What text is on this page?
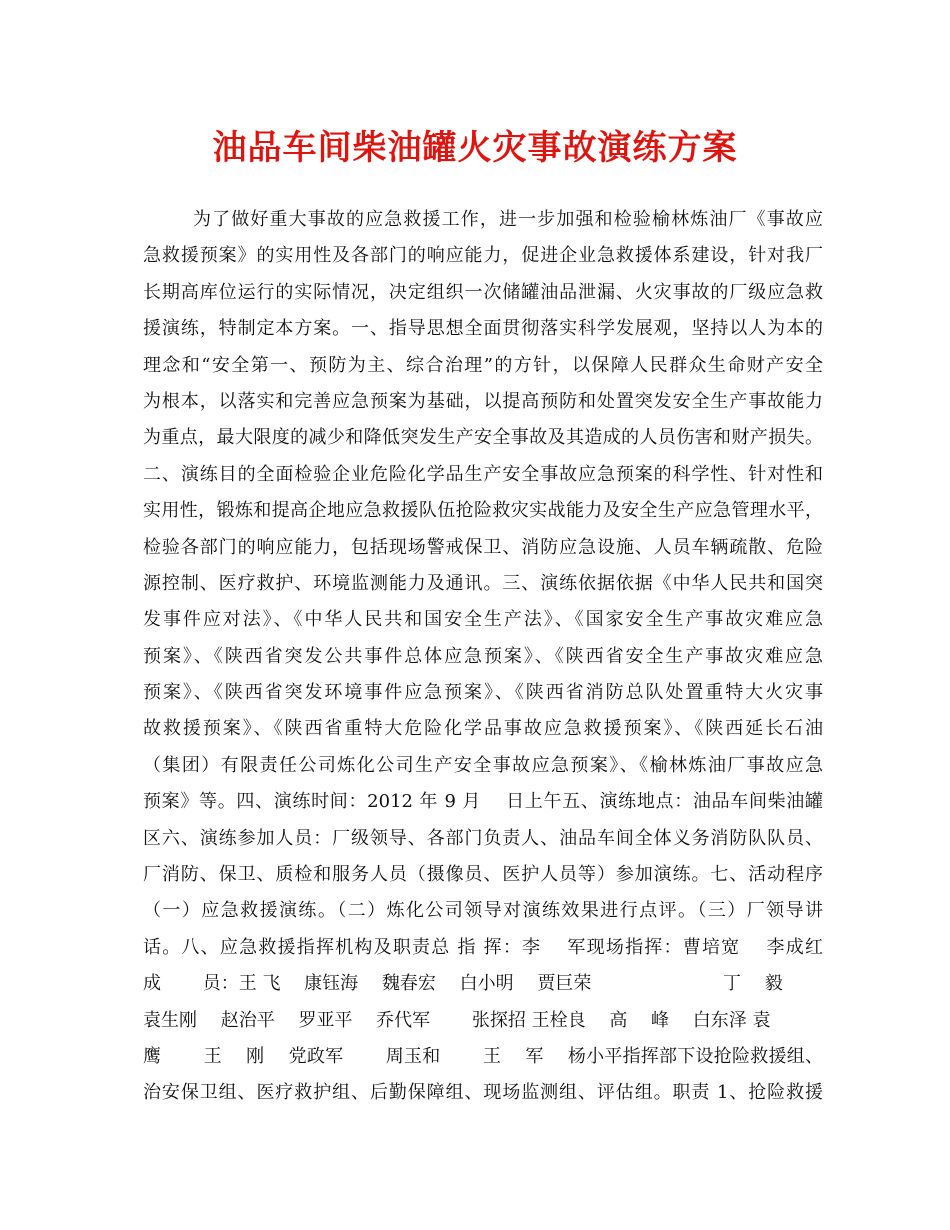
油品车间柴油罐火灾事故演练方案
为了做好重大事故的应急救援工作，进一步加强和检验榆林炼油厂《事故应
急救援预案》的实用性及各部门的响应能力，促进企业急救援体系建设，针对我厂
长期高库位运行的实际情况，决定组织一次储罐油品泄漏、火灾事故的厂级应急救
援演练，特制定本方案。一、指导思想全面贯彻落实科学发展观，坚持以人为本的
理念和“安全第一、预防为主、综合治理”的方针，以保障人民群众生命财产安全
为根本，以落实和完善应急预案为基础，以提高预防和处置突发安全生产事故能力
为重点，最大限度的减少和降低突发生产安全事故及其造成的人员伤害和财产损失。
二、演练目的全面检验企业危险化学品生产安全事故应急预案的科学性、针对性和
实用性，锻炼和提高企地应急救援队伍抢险救灾实战能力及安全生产应急管理水平，
检验各部门的响应能力，包括现场警戒保卫、消防应急设施、人员车辆疏散、危险
源控制、医疗救护、环境监测能力及通讯。三、演练依据依据《中华人民共和国突
发事件应对法》、《中华人民共和国安全生产法》、《国家安全生产事故灾难应急
预案》、《陕西省突发公共事件总体应急预案》、《陕西省安全生产事故灾难应急
预案》、《陕西省突发环境事件应急预案》、《陕西省消防总队处置重特大火灾事
故救援预案》、《陕西省重特大危险化学品事故应急救援预案》、《陕西延长石油
（集团）有限责任公司炼化公司生产安全事故应急预案》、《榆林炼油厂事故应急
预案》等。四、演练时间：2012 年 9 月　 日上午五、演练地点：油品车间柴油罐
区六、演练参加人员：厂级领导、各部门负责人、油品车间全体义务消防队队员、
厂消防、保卫、质检和服务人员（摄像员、医护人员等）参加演练。七、活动程序
（一）应急救援演练。（二）炼化公司领导对演练效果进行点评。（三）厂领导讲
话。八、应急救援指挥机构及职责总 指 挥：李　 军现场指挥：曹培宽　 李成红
成　　 员：王 飞　 康钰海　 魏春宏　 白小明　 贾巨荣　　　　　　　 丁　 毅
袁生刚　 赵治平　 罗亚平　 乔代军　　 张探招 王栓良　 高　 峰　 白东泽 袁
鹰　　 王　 刚　 党政军　　 周玉和　　 王　 军　 杨小平指挥部下设抢险救援组、
治安保卫组、医疗救护组、后勤保障组、现场监测组、评估组。职责 1、抢险救援
